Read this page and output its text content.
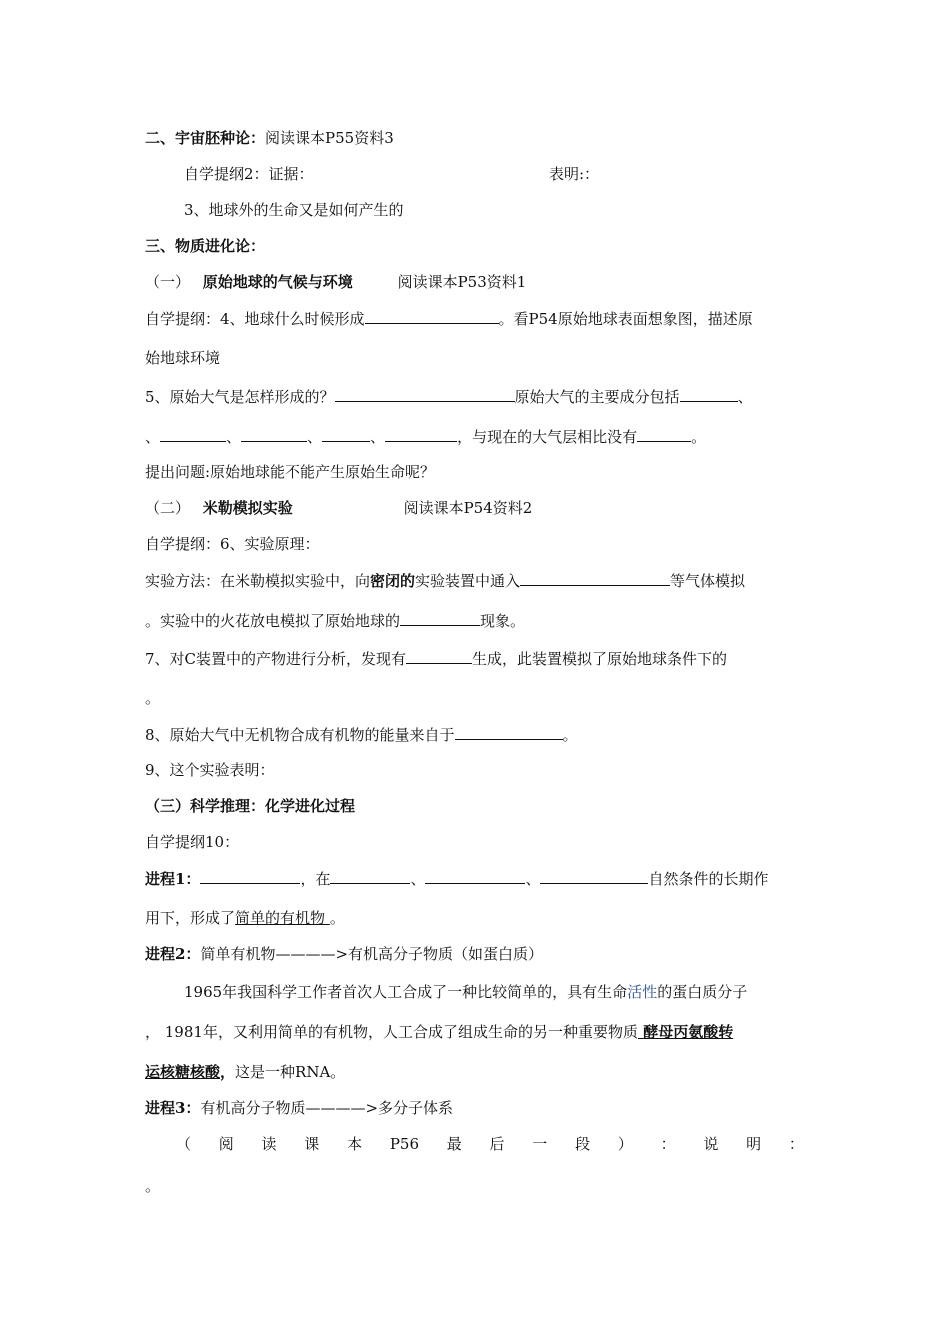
二、宇宙胚种论：阅读课本P55资料3
自学提纲2：证据：	表明:：
3、地球外的生命又是如何产生的
三、物质进化论：
（一） 原始地球的气候与环境	阅读课本P53资料1
自学提纲：4、地球什么时候形成	。看P54原始地球表面想象图，描述原
始地球环境
5、原始大气是怎样形成的？	原始大气的主要成分包括	、
、	、	、	、	，与现在的大气层相比没有	。
提出问题:原始地球能不能产生原始生命呢？
（二） 米勒模拟实验	阅读课本P54资料2
自学提纲：6、实验原理：
实验方法：在米勒模拟实验中，向密闭的实验装置中通入	等气体模拟
。实验中的火花放电模拟了原始地球的	现象。
7、对C装置中的产物进行分析，发现有	生成，此装置模拟了原始地球条件下的
。
8、原始大气中无机物合成有机物的能量来自于	。
9、这个实验表明：
（三）科学推理：化学进化过程
自学提纲10：
进程1：	，在	、	、	自然条件的长期作
用下，形成了简单的有机物 。
进程2：简单有机物————>有机高分子物质（如蛋白质）
1965年我国科学工作者首次人工合成了一种比较简单的，具有生命活性的蛋白质分子
， 1981年，又利用简单的有机物，人工合成了组成生命的另一种重要物质 酵母丙氨酸转
运核糖核酸，这是一种RNA。
进程3：有机高分子物质————>多分子体系
（ 阅 读 课 本 P56 最 后 一 段 ） ： 说 明 ：
。
